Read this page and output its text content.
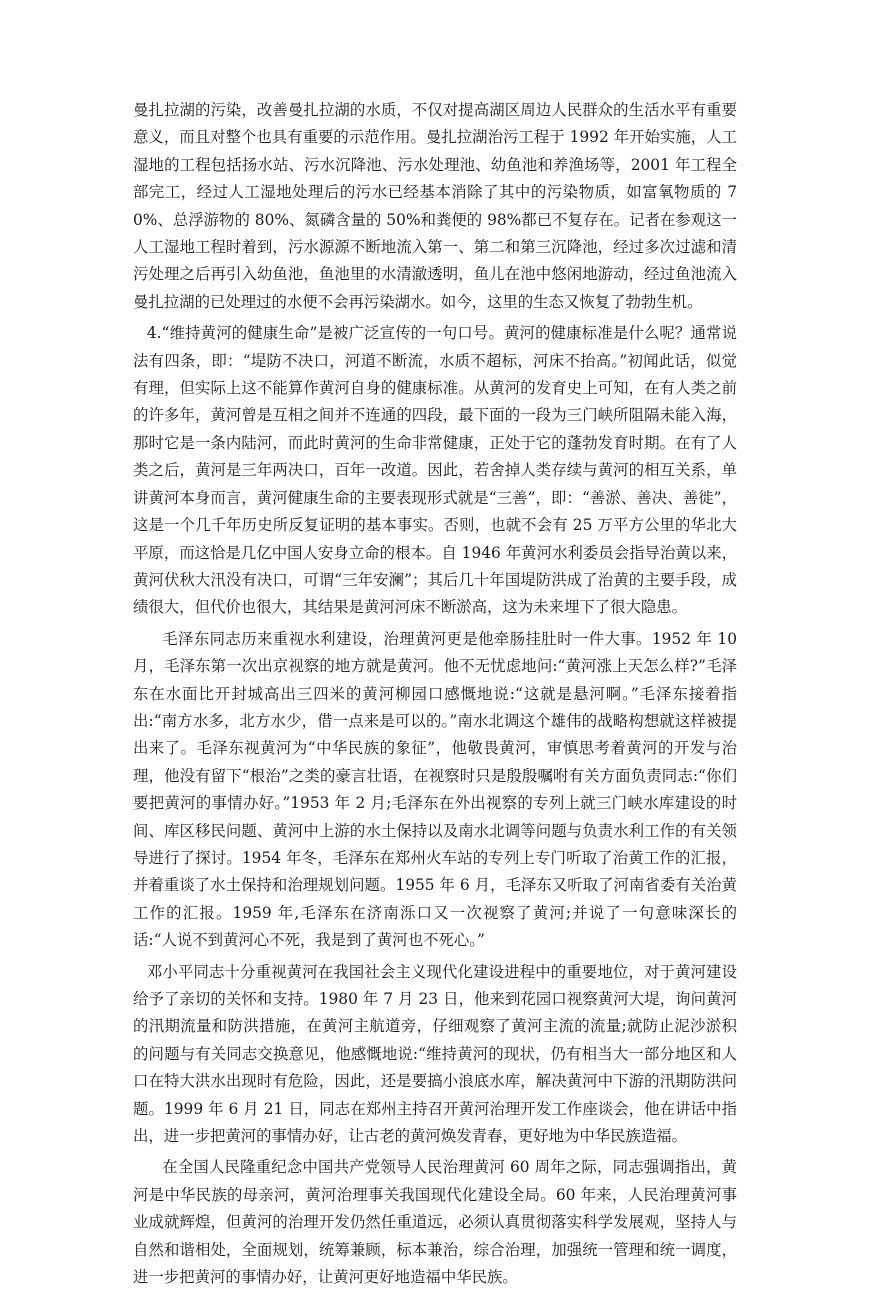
曼扎拉湖的污染，改善曼扎拉湖的水质，不仅对提高湖区周边人民群众的生活水平有重要意义，而且对整个也具有重要的示范作用。曼扎拉湖治污工程于 1992 年开始实施，人工湿地的工程包括扬水站、污水沉降池、污水处理池、幼鱼池和养渔场等，2001 年工程全部完工，经过人工湿地处理后的污水已经基本消除了其中的污染物质，如富氧物质的 70%、总浮游物的 80%、氮磷含量的 50%和粪便的 98%都已不复存在。记者在参观这一人工湿地工程时着到，污水源源不断地流入第一、第二和第三沉降池，经过多次过滤和清污处理之后再引入幼鱼池，鱼池里的水清澈透明，鱼儿在池中悠闲地游动，经过鱼池流入曼扎拉湖的已处理过的水便不会再污染湖水。如今，这里的生态又恢复了勃勃生机。

4.“维持黄河的健康生命”是被广泛宣传的一句口号。黄河的健康标准是什么呢？通常说法有四条，即：“堤防不决口，河道不断流，水质不超标，河床不抬高。”初闻此话，似觉有理，但实际上这不能算作黄河自身的健康标准。从黄河的发育史上可知，在有人类之前的许多年，黄河曾是互相之间并不连通的四段，最下面的一段为三门峡所阻隔未能入海，那时它是一条内陆河，而此时黄河的生命非常健康，正处于它的蓬勃发育时期。在有了人类之后，黄河是三年两决口，百年一改道。因此，若舍掉人类存续与黄河的相互关系，单讲黄河本身而言，黄河健康生命的主要表现形式就是“三善”，即：“善淤、善决、善徙”，这是一个几千年历史所反复证明的基本事实。否则，也就不会有 25 万平方公里的华北大平原，而这恰是几亿中国人安身立命的根本。自 1946 年黄河水利委员会指导治黄以来，黄河伏秋大汛没有决口，可谓“三年安澜”；其后几十年国堤防洪成了治黄的主要手段，成绩很大，但代价也很大，其结果是黄河河床不断淤高，这为未来埋下了很大隐患。

毛泽东同志历来重视水利建设，治理黄河更是他牵肠挂肚时一件大事。1952 年 10 月，毛泽东第一次出京视察的地方就是黄河。他不无忧虑地问:“黄河涨上天怎么样?”毛泽东在水面比开封城高出三四米的黄河柳园口感慨地说:“这就是悬河啊。”毛泽东接着指出:“南方水多，北方水少，借一点来是可以的。”南水北调这个雄伟的战略构想就这样被提出来了。毛泽东视黄河为“中华民族的象征”，他敬畏黄河，审慎思考着黄河的开发与治理，他没有留下“根治”之类的豪言壮语，在视察时只是殷殷嘱咐有关方面负责同志:“你们要把黄河的事情办好。”1953 年 2 月;毛泽东在外出视察的专列上就三门峡水库建设的时间、库区移民问题、黄河中上游的水土保持以及南水北调等问题与负责水利工作的有关领导进行了探讨。1954 年冬，毛泽东在郑州火车站的专列上专门听取了治黄工作的汇报，并着重谈了水土保持和治理规划问题。1955 年 6 月，毛泽东又听取了河南省委有关治黄工作的汇报。1959 年,毛泽东在济南泺口又一次视察了黄河;并说了一句意味深长的话:“人说不到黄河心不死，我是到了黄河也不死心。”

邓小平同志十分重视黄河在我国社会主义现代化建设进程中的重要地位，对于黄河建设给予了亲切的关怀和支持。1980 年 7 月 23 日，他来到花园口视察黄河大堤，询问黄河的汛期流量和防洪措施，在黄河主航道旁，仔细观察了黄河主流的流量;就防止泥沙淤积的问题与有关同志交换意见，他感慨地说:“维持黄河的现状，仍有相当大一部分地区和人口在特大洪水出现时有危险，因此，还是要搞小浪底水库，解决黄河中下游的汛期防洪问题。1999 年 6 月 21 日，同志在郑州主持召开黄河治理开发工作座谈会，他在讲话中指出，进一步把黄河的事情办好，让古老的黄河焕发青春，更好地为中华民族造福。

在全国人民隆重纪念中国共产党领导人民治理黄河 60 周年之际，同志强调指出，黄河是中华民族的母亲河，黄河治理事关我国现代化建设全局。60 年来，人民治理黄河事业成就辉煌，但黄河的治理开发仍然任重道远，必须认真贯彻落实科学发展观，坚持人与自然和谐相处，全面规划，统筹兼顾，标本兼治，综合治理，加强统一管理和统一调度，进一步把黄河的事情办好，让黄河更好地造福中华民族。
